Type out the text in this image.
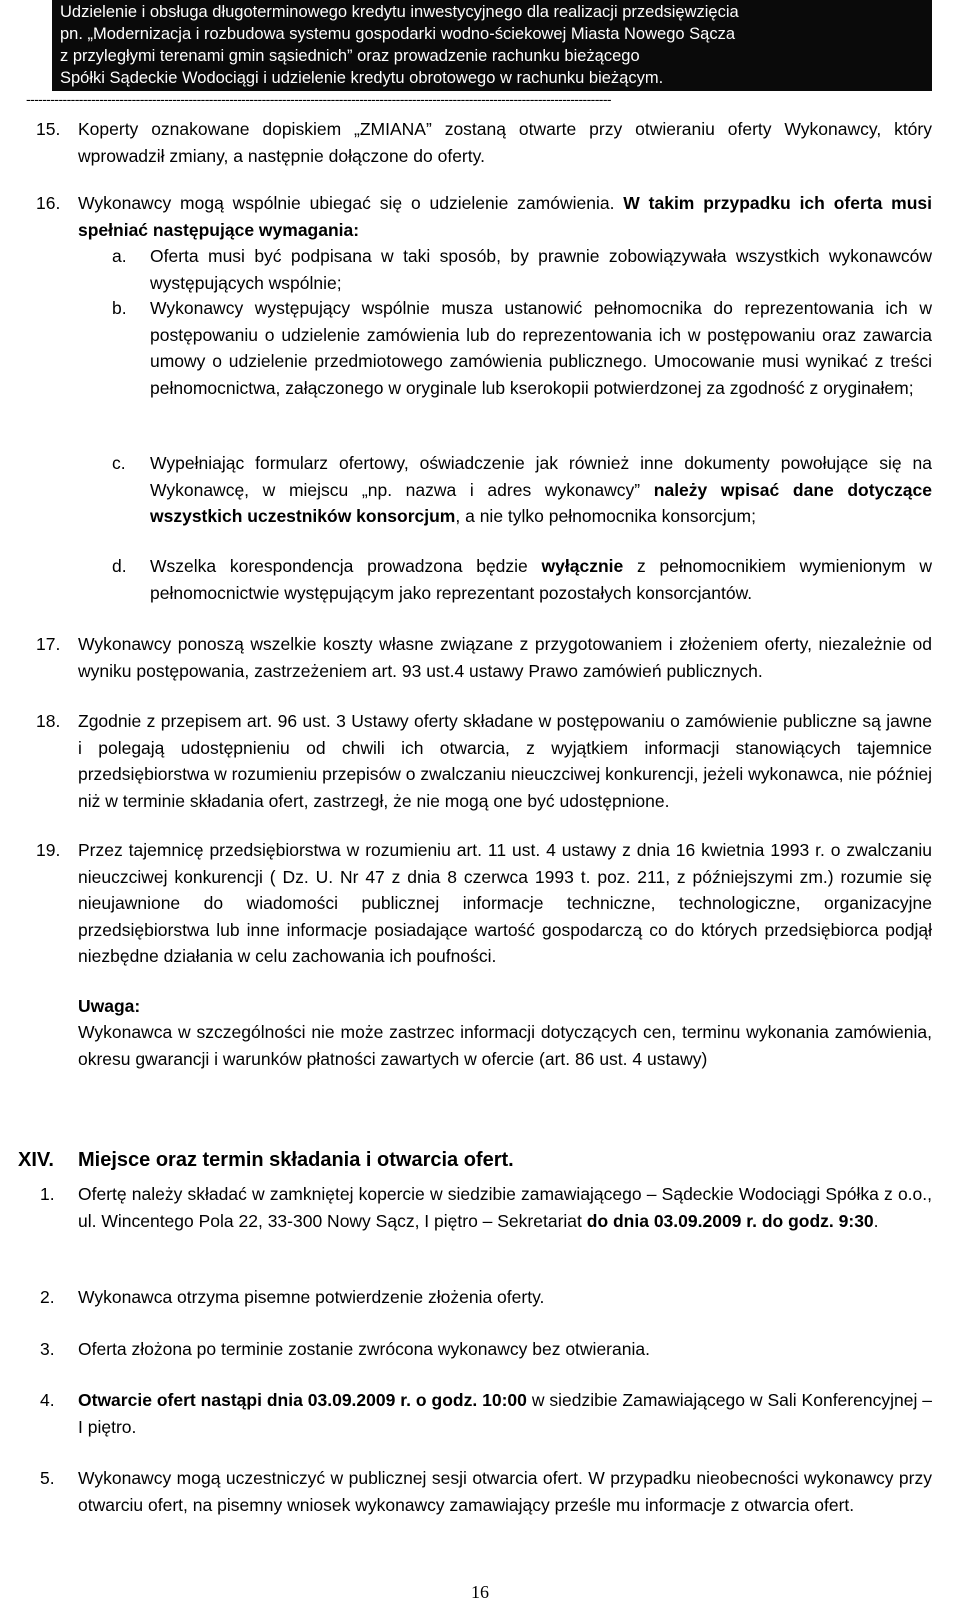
Udzielenie i obsługa długoterminowego kredytu inwestycyjnego dla realizacji przedsięwzięcia
pn. „Modernizacja i rozbudowa systemu gospodarki wodno-ściekowej Miasta Nowego Sącza
z przyległymi terenami gmin sąsiednich” oraz prowadzenie rachunku bieżącego
Spółki Sądeckie Wodociągi i udzielenie kredytu obrotowego w rachunku bieżącym.
------------------------------------------------------------------------------------------------------------------------------------------------
15. Koperty oznakowane dopiskiem „ZMIANA” zostaną otwarte przy otwieraniu oferty Wykonawcy, który wprowadził zmiany, a następnie dołączone do oferty.
16. Wykonawcy mogą wspólnie ubiegać się o udzielenie zamówienia. W takim przypadku ich oferta musi spełniać następujące wymagania:
a. Oferta musi być podpisana w taki sposób, by prawnie zobowiązywała wszystkich wykonawców występujących wspólnie;
b. Wykonawcy występujący wspólnie musza ustanowić pełnomocnika do reprezentowania ich w postępowaniu o udzielenie zamówienia lub do reprezentowania ich w postępowaniu oraz zawarcia umowy o udzielenie przedmiotowego zamówienia publicznego. Umocowanie musi wynikać z treści pełnomocnictwa, załączonego w oryginale lub kserokopii potwierdzonej za zgodność z oryginałem;
c. Wypełniając formularz ofertowy, oświadczenie jak również inne dokumenty powołujące się na Wykonawcę, w miejscu „np. nazwa i adres wykonawcy” należy wpisać dane dotyczące wszystkich uczestników konsorcjum, a nie tylko pełnomocnika konsorcjum;
d. Wszelka korespondencja prowadzona będzie wyłącznie z pełnomocnikiem wymienionym w pełnomocnictwie występującym jako reprezentant pozostałych konsorcjantów.
17. Wykonawcy ponoszą wszelkie koszty własne związane z przygotowaniem i złożeniem oferty, niezależnie od wyniku postępowania, zastrzeżeniem art. 93 ust.4 ustawy Prawo zamówień publicznych.
18. Zgodnie z przepisem art. 96 ust. 3 Ustawy oferty składane w postępowaniu o zamówienie publiczne są jawne i polegają udostępnieniu od chwili ich otwarcia, z wyjątkiem informacji stanowiących tajemnice przedsiębiorstwa w rozumieniu przepisów o zwalczaniu nieuczciwej konkurencji, jeżeli wykonawca, nie później niż w terminie składania ofert, zastrzegł, że nie mogą one być udostępnione.
19. Przez tajemnicę przedsiębiorstwa w rozumieniu art. 11 ust. 4 ustawy z dnia 16 kwietnia 1993 r. o zwalczaniu nieuczciwej konkurencji ( Dz. U. Nr 47 z dnia 8 czerwca 1993 t. poz. 211, z późniejszymi zm.) rozumie się nieujawnione do wiadomości publicznej informacje techniczne, technologiczne, organizacyjne przedsiębiorstwa lub inne informacje posiadające wartość gospodarczą co do których przedsiębiorca podjął niezbędne działania w celu zachowania ich poufności.
Uwaga:
Wykonawca w szczególności nie może zastrzec informacji dotyczących cen, terminu wykonania zamówienia, okresu gwarancji i warunków płatności zawartych w ofercie (art. 86 ust. 4 ustawy)
XIV. Miejsce oraz termin składania i otwarcia ofert.
1. Ofertę należy składać w zamkniętej kopercie w siedzibie zamawiającego – Sądeckie Wodociągi Spółka z o.o., ul. Wincentego Pola 22, 33-300 Nowy Sącz, I piętro – Sekretariat do dnia 03.09.2009 r. do godz. 9:30.
2. Wykonawca otrzyma pisemne potwierdzenie złożenia oferty.
3. Oferta złożona po terminie zostanie zwrócona wykonawcy bez otwierania.
4. Otwarcie ofert nastąpi dnia 03.09.2009 r. o godz. 10:00 w siedzibie Zamawiającego w Sali Konferencyjnej – I piętro.
5. Wykonawcy mogą uczestniczyć w publicznej sesji otwarcia ofert. W przypadku nieobecności wykonawcy przy otwarciu ofert, na pisemny wniosek wykonawcy zamawiający prześle mu informacje z otwarcia ofert.
16
